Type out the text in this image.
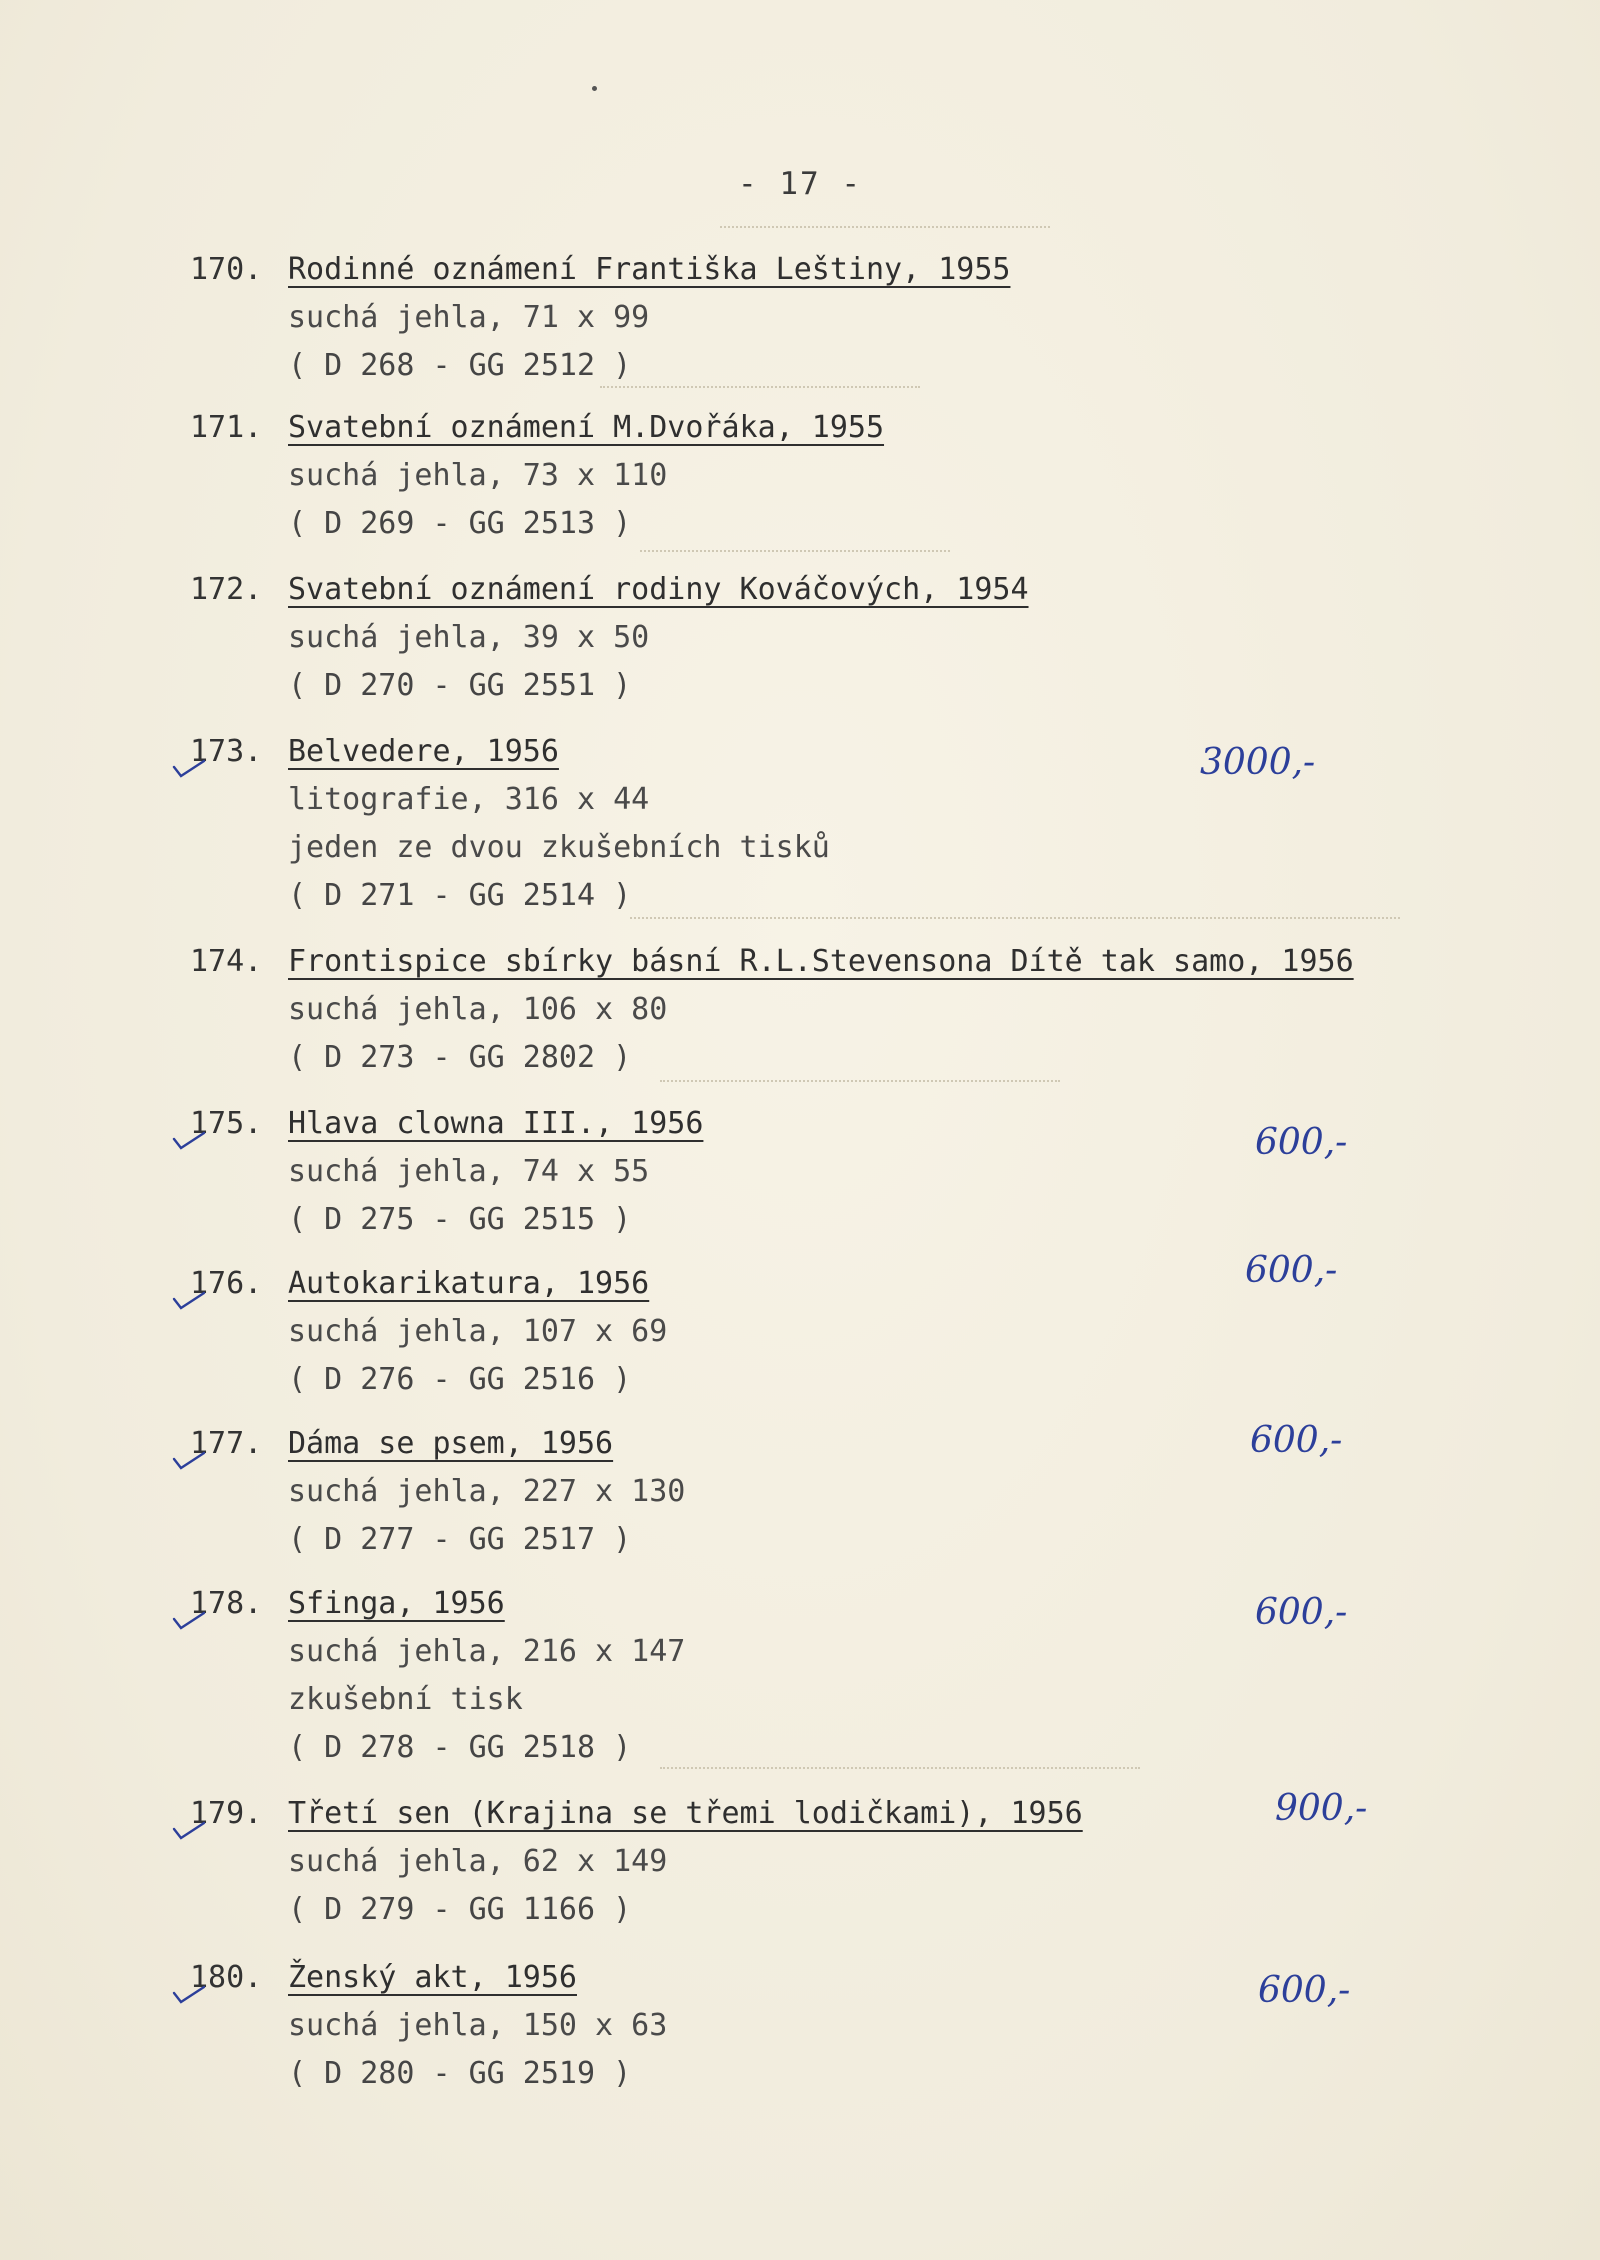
- 17 -
170. Rodinné oznámení Františka Leštiny, 1955
suchá jehla, 71 x 99
( D 268 - GG 2512 )
171. Svatební oznámení M.Dvořáka, 1955
suchá jehla, 73 x 110
( D 269 - GG 2513 )
172. Svatební oznámení rodiny Kováčových, 1954
suchá jehla, 39 x 50
( D 270 - GG 2551 )
173. Belvedere, 1956
litografie, 316 x 44
jeden ze dvou zkušebních tisků
( D 271 - GG 2514 )
174. Frontispice sbírky básní R.L.Stevensona Dítě tak samo, 1956
suchá jehla, 106 x 80
( D 273 - GG 2802 )
175. Hlava clowna III., 1956
suchá jehla, 74 x 55
( D 275 - GG 2515 )
176. Autokarikatura, 1956
suchá jehla, 107 x 69
( D 276 - GG 2516 )
177. Dáma se psem, 1956
suchá jehla, 227 x 130
( D 277 - GG 2517 )
178. Sfinga, 1956
suchá jehla, 216 x 147
zkušební tisk
( D 278 - GG 2518 )
179. Třetí sen (Krajina se třemi lodičkami), 1956
suchá jehla, 62 x 149
( D 279 - GG 1166 )
180. Ženský akt, 1956
suchá jehla, 150 x 63
( D 280 - GG 2519 )
3000,-
600,-
600,-
600,-
600,-
900,-
600,-
